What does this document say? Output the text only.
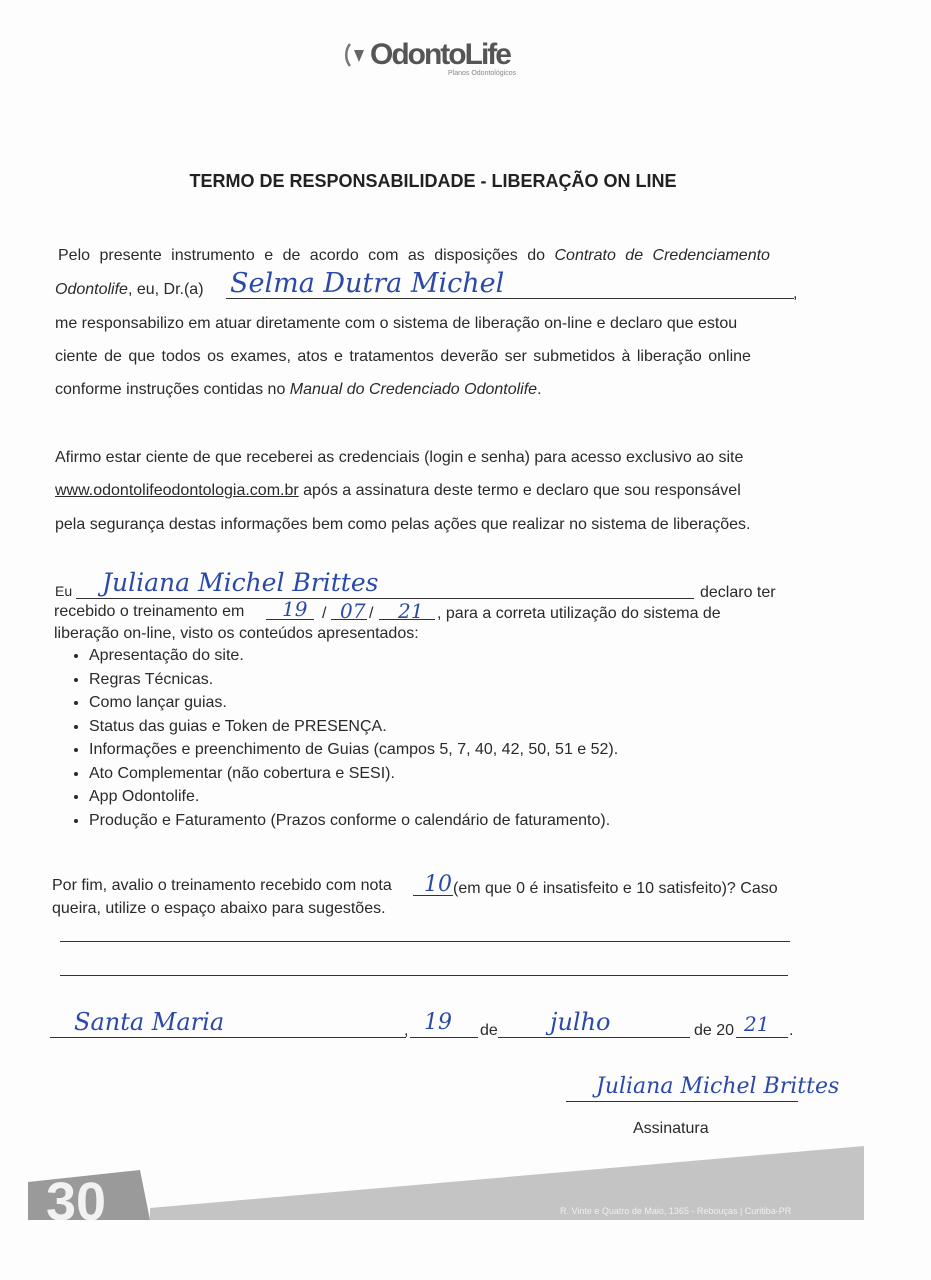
OdontoLife
Planos Odontológicos
TERMO DE RESPONSABILIDADE - LIBERAÇÃO ON LINE
Pelo presente instrumento e de acordo com as disposições do Contrato de Credenciamento
Odontolife, eu, Dr.(a) Selma Dutra Michel	,
me responsabilizo em atuar diretamente com o sistema de liberação on-line e declaro que estou
ciente de que todos os exames, atos e tratamentos deverão ser submetidos à liberação online
conforme instruções contidas no Manual do Credenciado Odontolife.
Afirmo estar ciente de que receberei as credenciais (login e senha) para acesso exclusivo ao site
www.odontolifeodontologia.com.br após a assinatura deste termo e declaro que sou responsável
pela segurança destas informações bem como pelas ações que realizar no sistema de liberações.
Eu Juliana Michel Brittes	declaro ter
recebido o treinamento em 19 / 07 / 21 , para a correta utilização do sistema de
liberação on-line, visto os conteúdos apresentados:
• Apresentação do site.
• Regras Técnicas.
• Como lançar guias.
• Status das guias e Token de PRESENÇA.
• Informações e preenchimento de Guias (campos 5, 7, 40, 42, 50, 51 e 52).
• Ato Complementar (não cobertura e SESI).
• App Odontolife.
• Produção e Faturamento (Prazos conforme o calendário de faturamento).
Por fim, avalio o treinamento recebido com nota 10 (em que 0 é insatisfeito e 10 satisfeito)? Caso
queira, utilize o espaço abaixo para sugestões.
Santa Maria	, 19 de julho	de 20 21 .
Juliana Michel Brittes
Assinatura
30	R. Vinte e Quatro de Maio, 1365 - Rebouças | Curitiba-PR
